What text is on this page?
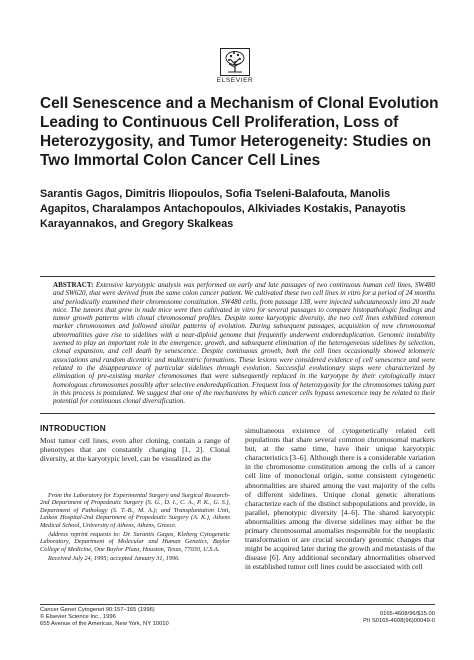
ELSEVIER
Cell Senescence and a Mechanism of Clonal Evolution Leading to Continuous Cell Proliferation, Loss of Heterozygosity, and Tumor Heterogeneity: Studies on Two Immortal Colon Cancer Cell Lines

Sarantis Gagos, Dimitris Iliopoulos, Sofia Tseleni-Balafouta, Manolis Agapitos, Charalampos Antachopoulos, Alkiviades Kostakis, Panayotis Karayannakos, and Gregory Skalkeas

ABSTRACT: Extensive karyotypic analysis was performed on early and late passages of two continuous human cell lines, SW480 and SW620, that were derived from the same colon cancer patient. We cultivated these two cell lines in vitro for a period of 24 months and periodically examined their chromosome constitution. SW480 cells, from passage 138, were injected subcutaneously into 20 nude mice. The tumors that grew in nude mice were then cultivated in vitro for several passages to compare histopathologic findings and tumor growth patterns with clonal chromosomal profiles. Despite some karyotypic diversity, the two cell lines exhibited common marker chromosomes and followed similar patterns of evolution. During subsequent passages, acquisition of new chromosomal abnormalities gave rise to sidelines with a near-diploid genome that frequently underwent endoreduplication. Genomic instability seemed to play an important role in the emergence, growth, and subsequent elimination of the heterogeneous sidelines by selection, clonal expansion, and cell death by senescence. Despite continuous growth, both the cell lines occasionally showed telomeric associations and random dicentric and multicentric formations. These lesions were considered evidence of cell senescence and were related to the disappearance of particular sidelines through evolution. Successful evolutionary steps were characterized by elimination of pre-existing marker chromosomes that were subsequently replaced in the karyotype by their cytologically intact homologous chromosomes possibly after selective endoreduplication. Frequent loss of heterozygosity for the chromosomes taking part in this process is postulated. We suggest that one of the mechanisms by which cancer cells bypass senescence may be related to their potential for continuous clonal diversification.

INTRODUCTION

Most tumor cell lines, even after cloning, contain a range of phenotypes that are constantly changing [1, 2]. Clonal diversity, at the karyotypic level, can be visualized as the

From the Laboratory for Experimental Surgery and Surgical Research-2nd Department of Propedeutic Surgery (S. G., D. I., C. A., P. K., G. S.), Department of Pathology (S. T.-B., M. A.); and Transplantation Unit, Laikon Hospital-2nd Department of Propedeutic Surgery (A. K.), Athens Medical School, University of Athens, Athens, Greece.

Address reprint requests to: Dr. Sarantis Gagos, Kleberg Cytogenetic Laboratory, Department of Molecular and Human Genetics, Baylor College of Medicine, One Baylor Plaza, Houston, Texas, 77030, U.S.A.

Received July 24, 1995; accepted January 31, 1996.

simultaneous existence of cytogenetically related cell populations that share several common chromosomal markers but, at the same time, have their unique karyotypic characteristics [3–6]. Although there is a considerable variation in the chromosome constitution among the cells of a cancer cell line of monoclonal origin, some consistent cytogenetic abnormalities are shared among the vast majority of the cells of different sidelines. Unique clonal genetic alterations characterize each of the distinct subpopulations and provide, in parallel, phenotypic diversity [4–6]. The shared karyotypic abnormalities among the diverse sidelines may either be the primary chromosomal anomalies responsible for the neoplastic transformation or are crucial secondary genomic changes that might be acquired later during the growth and metastasis of the disease [6]. Any additional secondary abnormalities observed in established tumor cell lines could be associated with cell

Cancer Genet Cytogenet 90:157–165 (1996)
© Elsevier Science Inc., 1996
655 Avenue of the Americas, New York, NY 10010
0165-4608/96/$15.00
PII S0165-4608(96)00049-0
